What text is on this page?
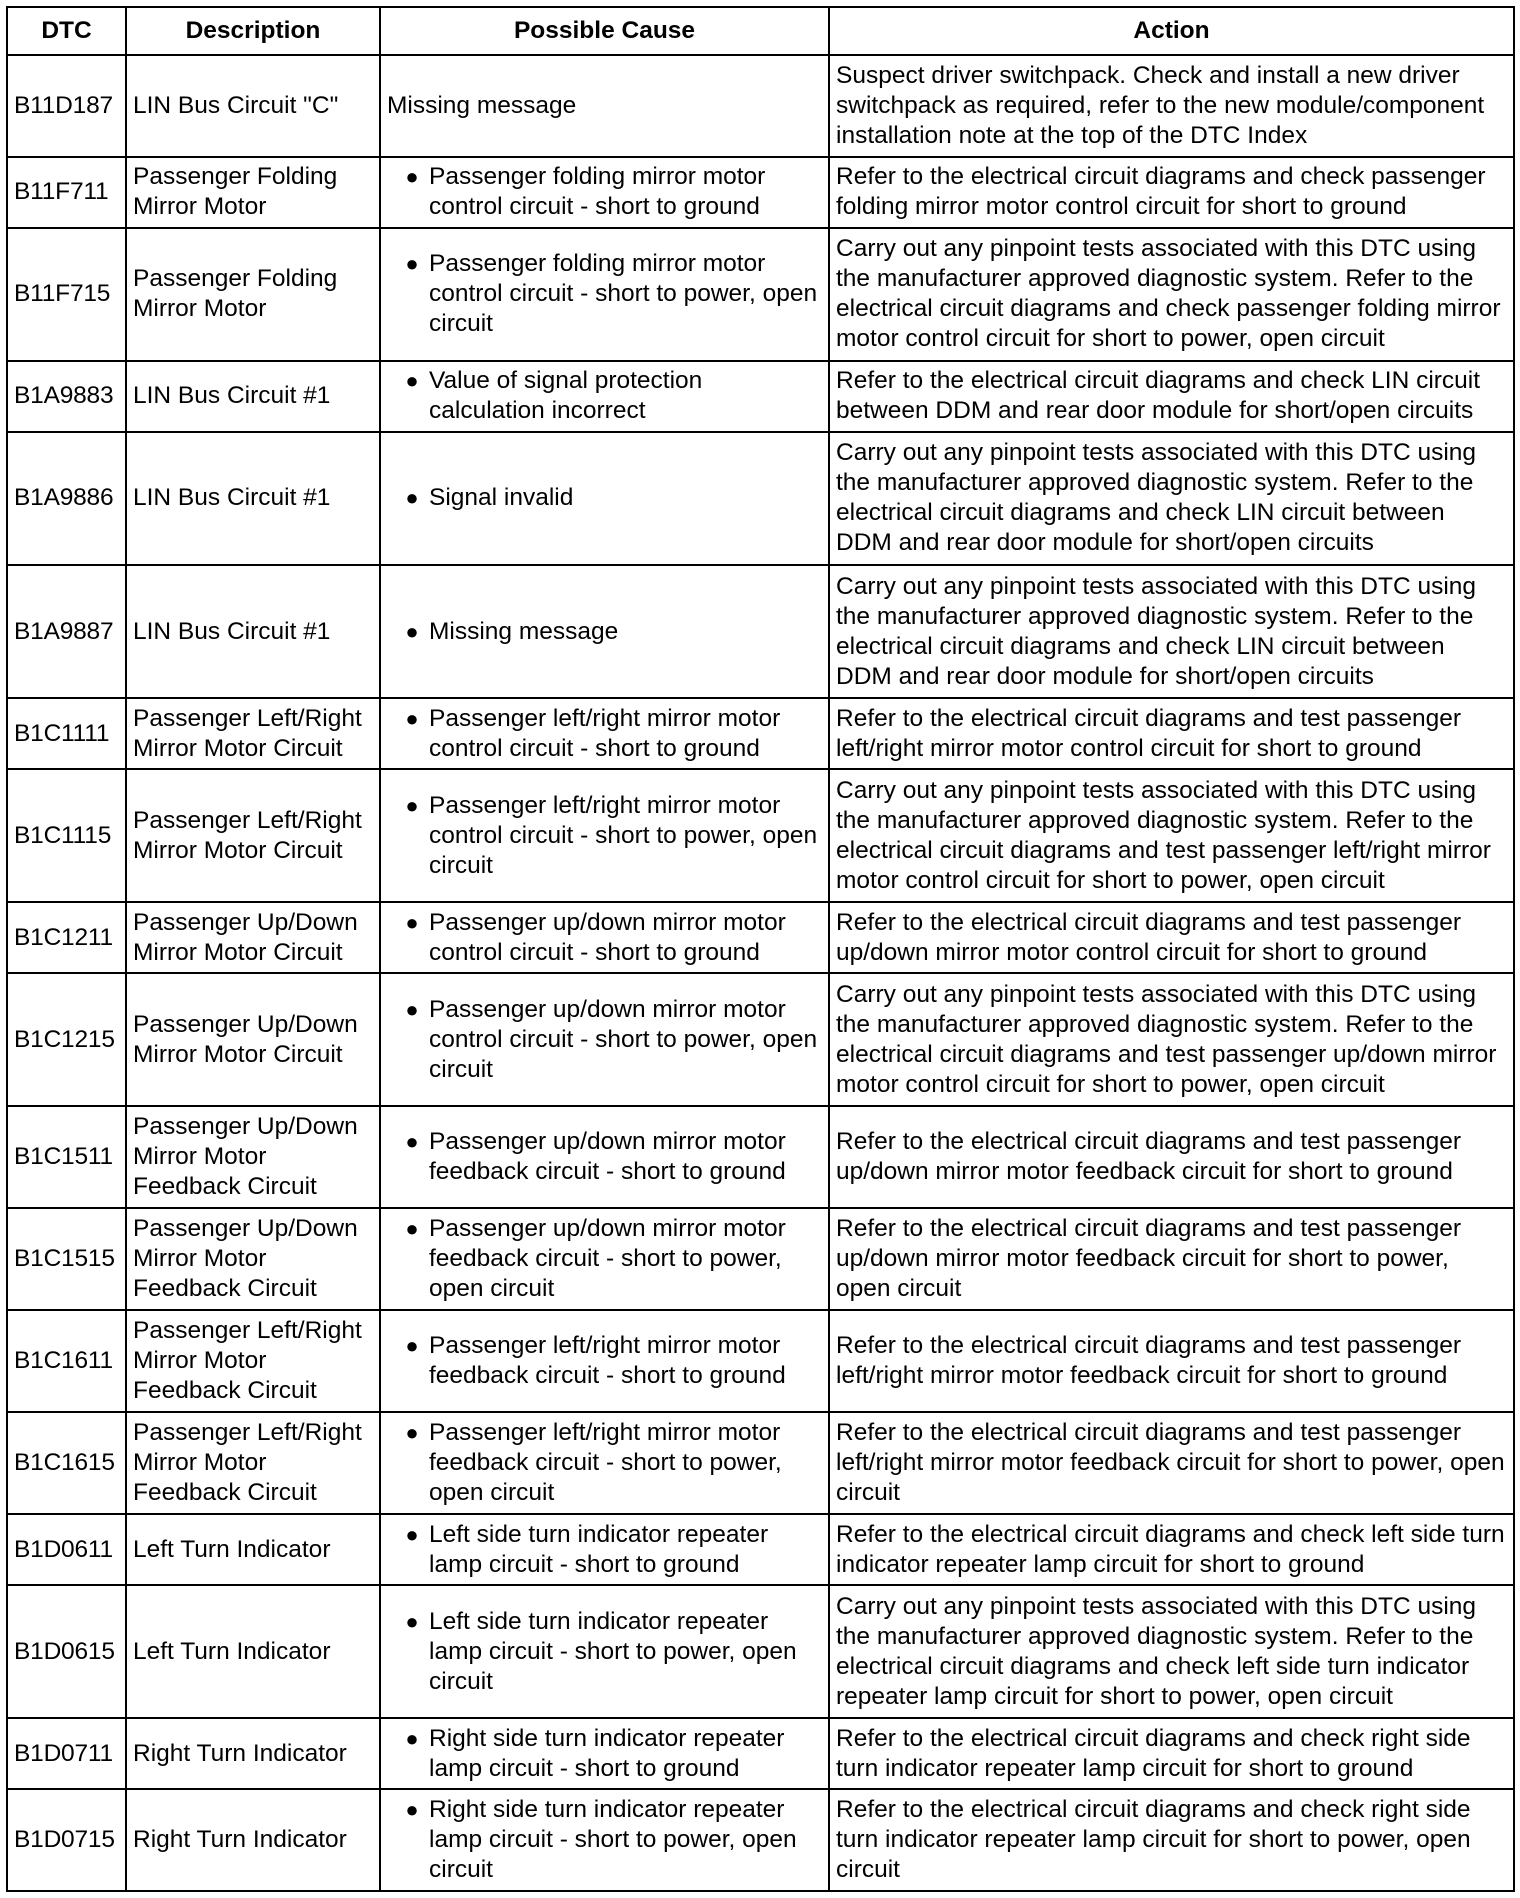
DTC	Description	Possible Cause	Action
B11D187	LIN Bus Circuit "C"	Missing message	Suspect driver switchpack. Check and install a new driver switchpack as required, refer to the new module/component installation note at the top of the DTC Index
B11F711	Passenger Folding Mirror Motor	● Passenger folding mirror motor control circuit - short to ground	Refer to the electrical circuit diagrams and check passenger folding mirror motor control circuit for short to ground
B11F715	Passenger Folding Mirror Motor	● Passenger folding mirror motor control circuit - short to power, open circuit	Carry out any pinpoint tests associated with this DTC using the manufacturer approved diagnostic system. Refer to the electrical circuit diagrams and check passenger folding mirror motor control circuit for short to power, open circuit
B1A9883	LIN Bus Circuit #1	● Value of signal protection calculation incorrect	Refer to the electrical circuit diagrams and check LIN circuit between DDM and rear door module for short/open circuits
B1A9886	LIN Bus Circuit #1	● Signal invalid	Carry out any pinpoint tests associated with this DTC using the manufacturer approved diagnostic system. Refer to the electrical circuit diagrams and check LIN circuit between DDM and rear door module for short/open circuits
B1A9887	LIN Bus Circuit #1	● Missing message	Carry out any pinpoint tests associated with this DTC using the manufacturer approved diagnostic system. Refer to the electrical circuit diagrams and check LIN circuit between DDM and rear door module for short/open circuits
B1C1111	Passenger Left/Right Mirror Motor Circuit	● Passenger left/right mirror motor control circuit - short to ground	Refer to the electrical circuit diagrams and test passenger left/right mirror motor control circuit for short to ground
B1C1115	Passenger Left/Right Mirror Motor Circuit	● Passenger left/right mirror motor control circuit - short to power, open circuit	Carry out any pinpoint tests associated with this DTC using the manufacturer approved diagnostic system. Refer to the electrical circuit diagrams and test passenger left/right mirror motor control circuit for short to power, open circuit
B1C1211	Passenger Up/Down Mirror Motor Circuit	● Passenger up/down mirror motor control circuit - short to ground	Refer to the electrical circuit diagrams and test passenger up/down mirror motor control circuit for short to ground
B1C1215	Passenger Up/Down Mirror Motor Circuit	● Passenger up/down mirror motor control circuit - short to power, open circuit	Carry out any pinpoint tests associated with this DTC using the manufacturer approved diagnostic system. Refer to the electrical circuit diagrams and test passenger up/down mirror motor control circuit for short to power, open circuit
B1C1511	Passenger Up/Down Mirror Motor Feedback Circuit	● Passenger up/down mirror motor feedback circuit - short to ground	Refer to the electrical circuit diagrams and test passenger up/down mirror motor feedback circuit for short to ground
B1C1515	Passenger Up/Down Mirror Motor Feedback Circuit	● Passenger up/down mirror motor feedback circuit - short to power, open circuit	Refer to the electrical circuit diagrams and test passenger up/down mirror motor feedback circuit for short to power, open circuit
B1C1611	Passenger Left/Right Mirror Motor Feedback Circuit	● Passenger left/right mirror motor feedback circuit - short to ground	Refer to the electrical circuit diagrams and test passenger left/right mirror motor feedback circuit for short to ground
B1C1615	Passenger Left/Right Mirror Motor Feedback Circuit	● Passenger left/right mirror motor feedback circuit - short to power, open circuit	Refer to the electrical circuit diagrams and test passenger left/right mirror motor feedback circuit for short to power, open circuit
B1D0611	Left Turn Indicator	● Left side turn indicator repeater lamp circuit - short to ground	Refer to the electrical circuit diagrams and check left side turn indicator repeater lamp circuit for short to ground
B1D0615	Left Turn Indicator	● Left side turn indicator repeater lamp circuit - short to power, open circuit	Carry out any pinpoint tests associated with this DTC using the manufacturer approved diagnostic system. Refer to the electrical circuit diagrams and check left side turn indicator repeater lamp circuit for short to power, open circuit
B1D0711	Right Turn Indicator	● Right side turn indicator repeater lamp circuit - short to ground	Refer to the electrical circuit diagrams and check right side turn indicator repeater lamp circuit for short to ground
B1D0715	Right Turn Indicator	● Right side turn indicator repeater lamp circuit - short to power, open circuit	Refer to the electrical circuit diagrams and check right side turn indicator repeater lamp circuit for short to power, open circuit
